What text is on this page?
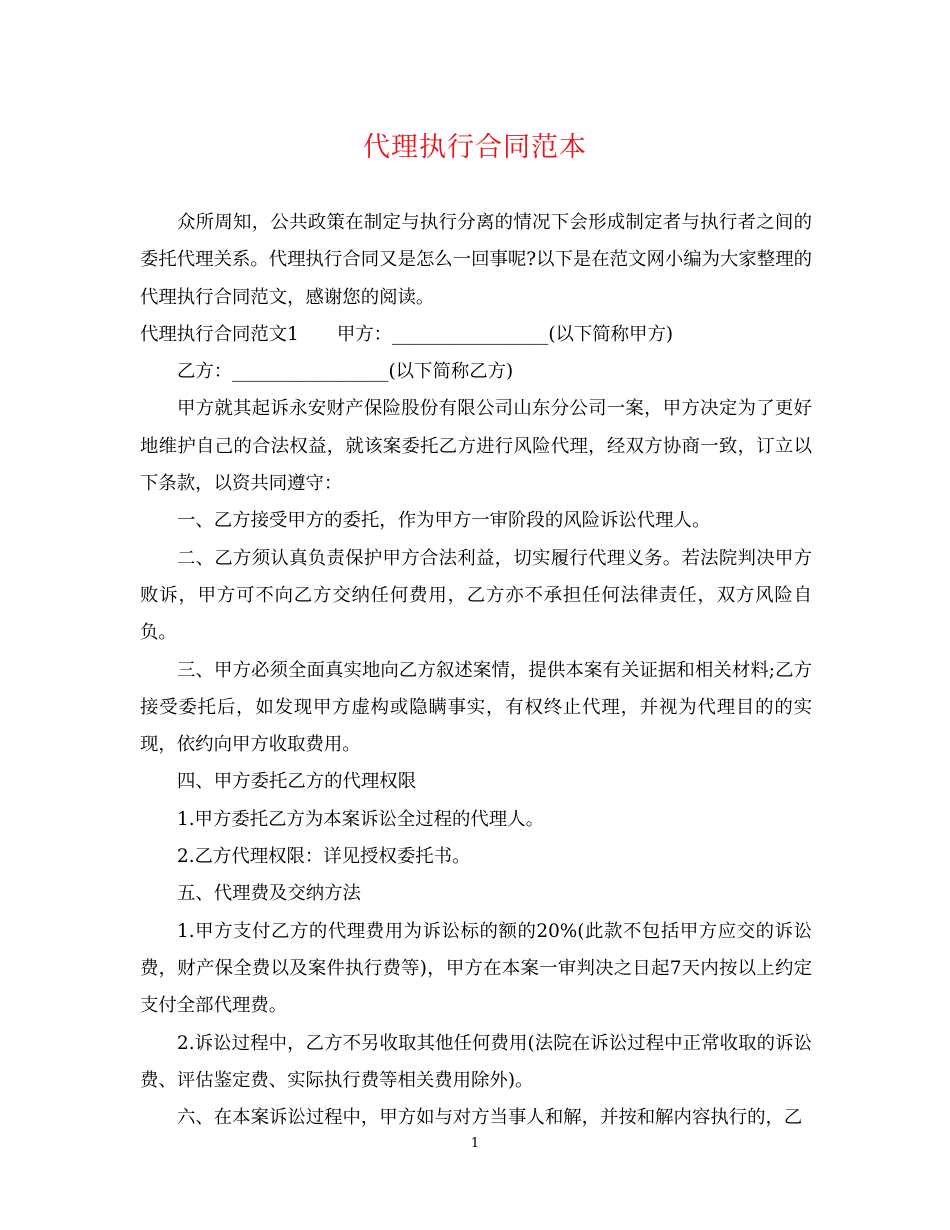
代理执行合同范本

众所周知，公共政策在制定与执行分离的情况下会形成制定者与执行者之间的委托代理关系。代理执行合同又是怎么一回事呢?以下是在范文网小编为大家整理的代理执行合同范文，感谢您的阅读。

代理执行合同范文1 甲方：_________________(以下简称甲方)

乙方：_________________(以下简称乙方)

甲方就其起诉永安财产保险股份有限公司山东分公司一案，甲方决定为了更好地维护自己的合法权益，就该案委托乙方进行风险代理，经双方协商一致，订立以下条款，以资共同遵守：

一、乙方接受甲方的委托，作为甲方一审阶段的风险诉讼代理人。

二、乙方须认真负责保护甲方合法利益，切实履行代理义务。若法院判决甲方败诉，甲方可不向乙方交纳任何费用，乙方亦不承担任何法律责任，双方风险自负。

三、甲方必须全面真实地向乙方叙述案情，提供本案有关证据和相关材料;乙方接受委托后，如发现甲方虚构或隐瞒事实，有权终止代理，并视为代理目的的实现，依约向甲方收取费用。

四、甲方委托乙方的代理权限

1.甲方委托乙方为本案诉讼全过程的代理人。

2.乙方代理权限：详见授权委托书。

五、代理费及交纳方法

1.甲方支付乙方的代理费用为诉讼标的额的20%(此款不包括甲方应交的诉讼费，财产保全费以及案件执行费等)，甲方在本案一审判决之日起7天内按以上约定支付全部代理费。

2.诉讼过程中，乙方不另收取其他任何费用(法院在诉讼过程中正常收取的诉讼费、评估鉴定费、实际执行费等相关费用除外)。

六、在本案诉讼过程中，甲方如与对方当事人和解，并按和解内容执行的，乙

1
